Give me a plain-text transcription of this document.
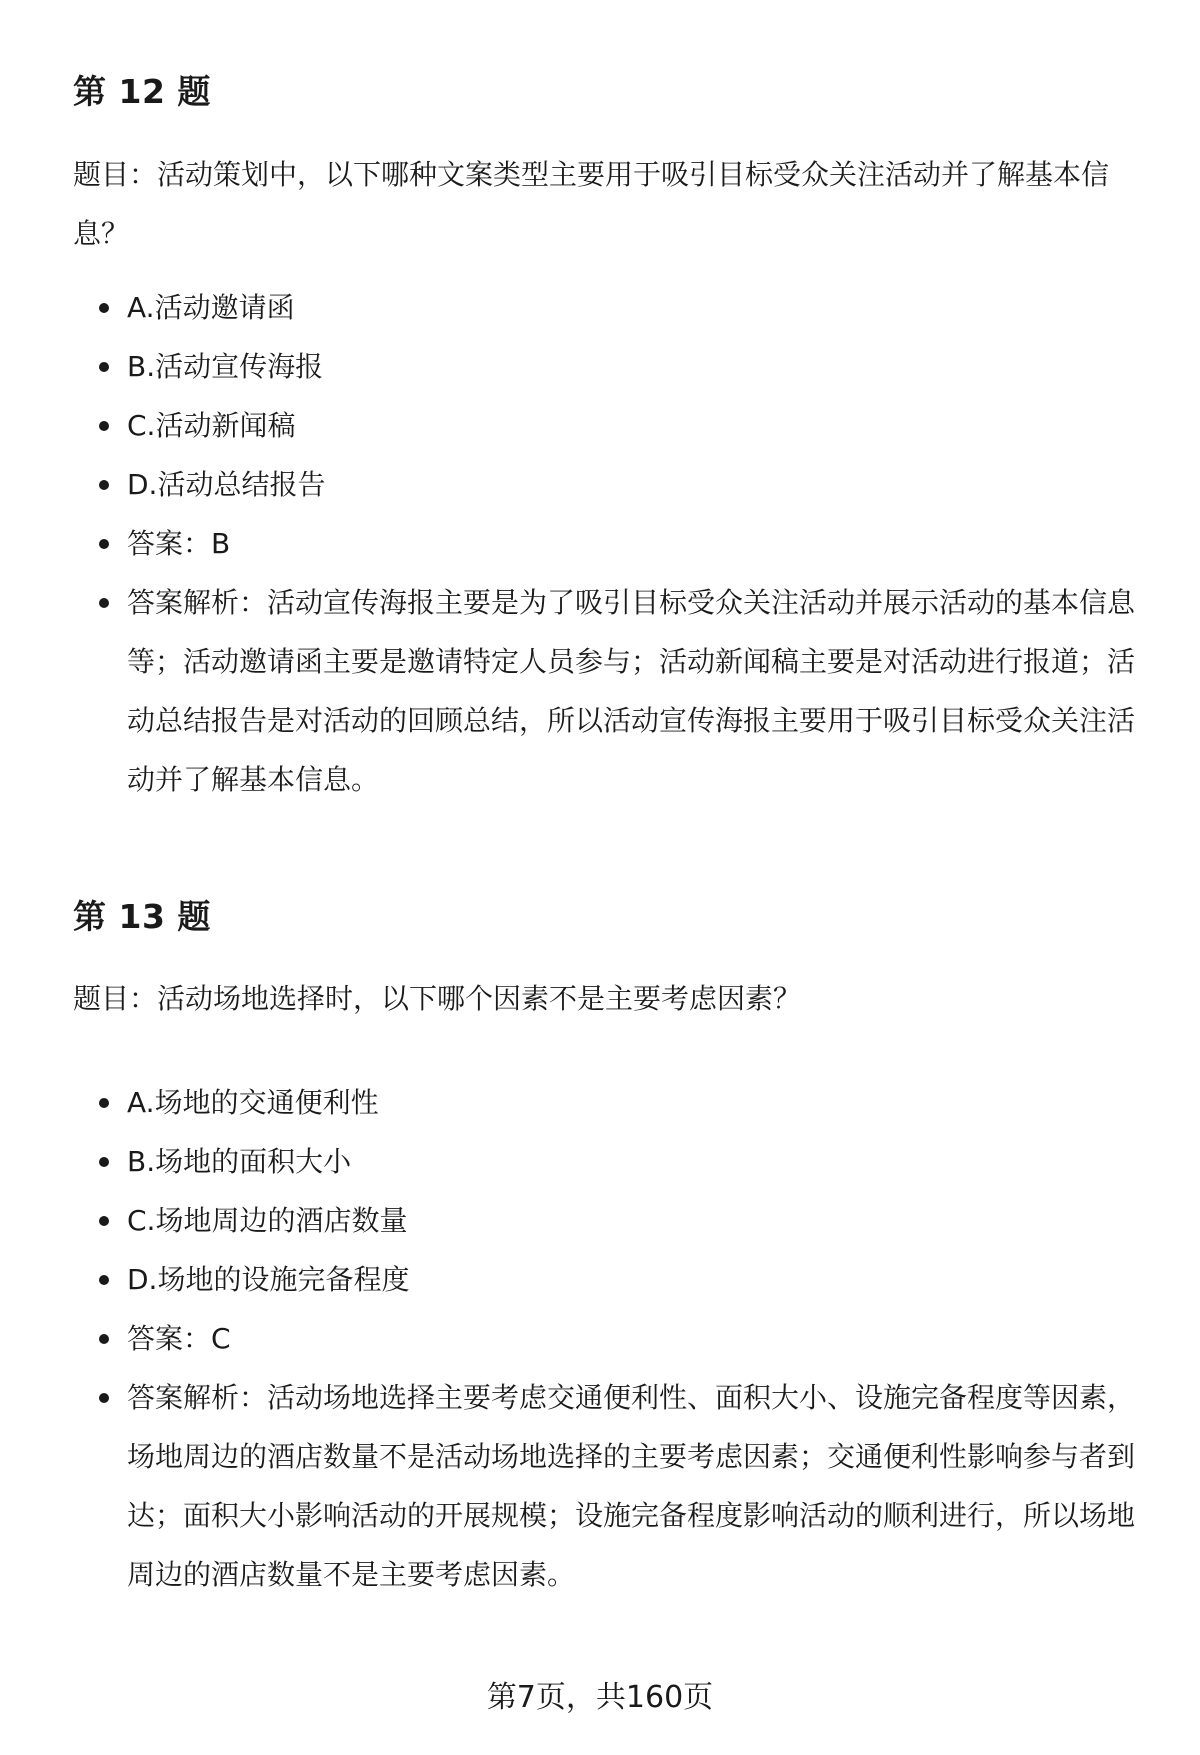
第 12 题

题目：活动策划中，以下哪种文案类型主要用于吸引目标受众关注活动并了解基本信息？

A.活动邀请函
B.活动宣传海报
C.活动新闻稿
D.活动总结报告
答案：B
答案解析：活动宣传海报主要是为了吸引目标受众关注活动并展示活动的基本信息等；活动邀请函主要是邀请特定人员参与；活动新闻稿主要是对活动进行报道；活动总结报告是对活动的回顾总结，所以活动宣传海报主要用于吸引目标受众关注活动并了解基本信息。
第 13 题

题目：活动场地选择时，以下哪个因素不是主要考虑因素？

A.场地的交通便利性
B.场地的面积大小
C.场地周边的酒店数量
D.场地的设施完备程度
答案：C
答案解析：活动场地选择主要考虑交通便利性、面积大小、设施完备程度等因素，场地周边的酒店数量不是活动场地选择的主要考虑因素；交通便利性影响参与者到达；面积大小影响活动的开展规模；设施完备程度影响活动的顺利进行，所以场地周边的酒店数量不是主要考虑因素。
第7页，共160页
